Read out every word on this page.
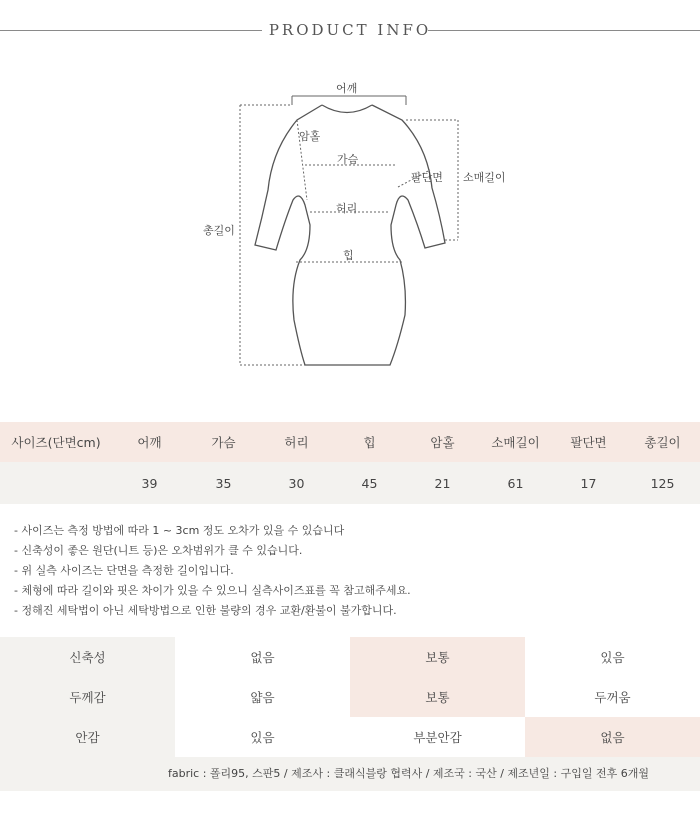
PRODUCT INFO
어깨
암홀
가슴
허리
힙
팔단면 소매길이
총길이
사이즈(단면cm)	어깨	가슴	허리	힙	암홀	소매길이	팔단면	총길이
	39	35	30	45	21	61	17	125
- 사이즈는 측정 방법에 따라 1 ~ 3cm 정도 오차가 있을 수 있습니다
- 신축성이 좋은 원단(니트 등)은 오차범위가 클 수 있습니다.
- 위 실측 사이즈는 단면을 측정한 길이입니다.
- 체형에 따라 길이와 핏은 차이가 있을 수 있으니 실측사이즈표를 꼭 참고해주세요.
- 정해진 세탁법이 아닌 세탁방법으로 인한 불량의 경우 교환/환불이 불가합니다.
신축성	없음	보통	있음
두께감	얇음	보통	두꺼움
안감	있음	부분안감	없음
fabric : 폴리95, 스판5 / 제조사 : 클래식블랑 협력사 / 제조국 : 국산 / 제조년일 : 구입일 전후 6개월
